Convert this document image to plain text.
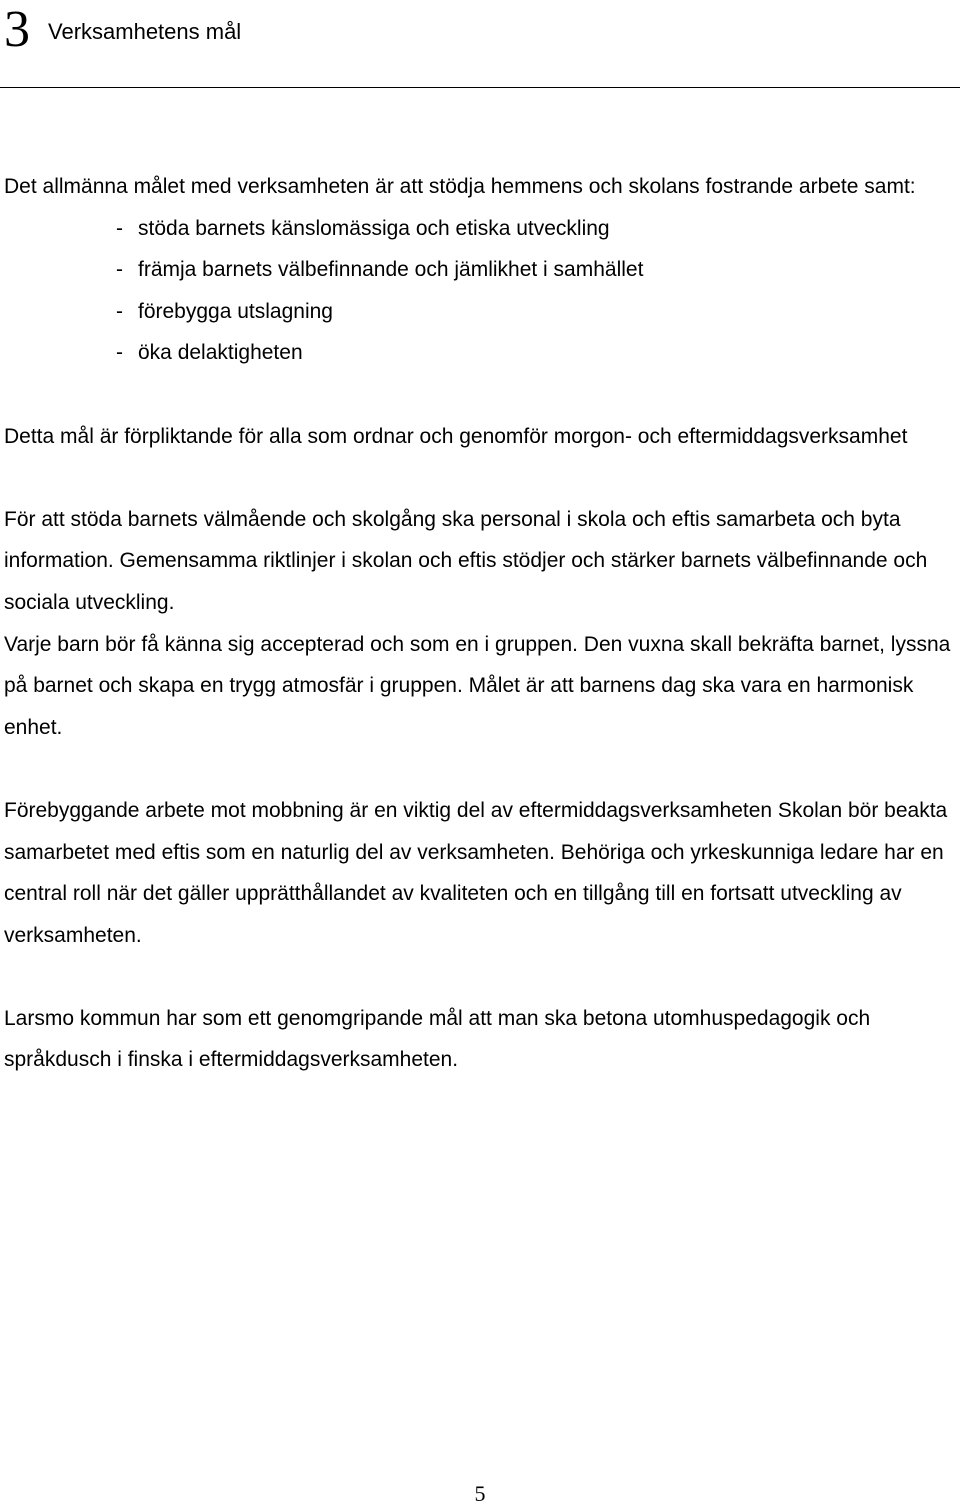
3 Verksamhetens mål

Det allmänna målet med verksamheten är att stödja hemmens och skolans fostrande arbete samt:

- stöda barnets känslomässiga och etiska utveckling
- främja barnets välbefinnande och jämlikhet i samhället
- förebygga utslagning
- öka delaktigheten

Detta mål är förpliktande för alla som ordnar och genomför morgon- och eftermiddagsverksamhet

För att stöda barnets välmående och skolgång ska personal i skola och eftis samarbeta och byta information. Gemensamma riktlinjer i skolan och eftis stödjer och stärker barnets välbefinnande och sociala utveckling.

Varje barn bör få känna sig accepterad och som en i gruppen. Den vuxna skall bekräfta barnet, lyssna på barnet och skapa en trygg atmosfär i gruppen. Målet är att barnens dag ska vara en harmonisk enhet.

Förebyggande arbete mot mobbning är en viktig del av eftermiddagsverksamheten Skolan bör beakta samarbetet med eftis som en naturlig del av verksamheten. Behöriga och yrkeskunniga ledare har en central roll när det gäller upprätthållandet av kvaliteten och en tillgång till en fortsatt utveckling av verksamheten.

Larsmo kommun har som ett genomgripande mål att man ska betona utomhuspedagogik och språkdusch i finska i eftermiddagsverksamheten.

5
